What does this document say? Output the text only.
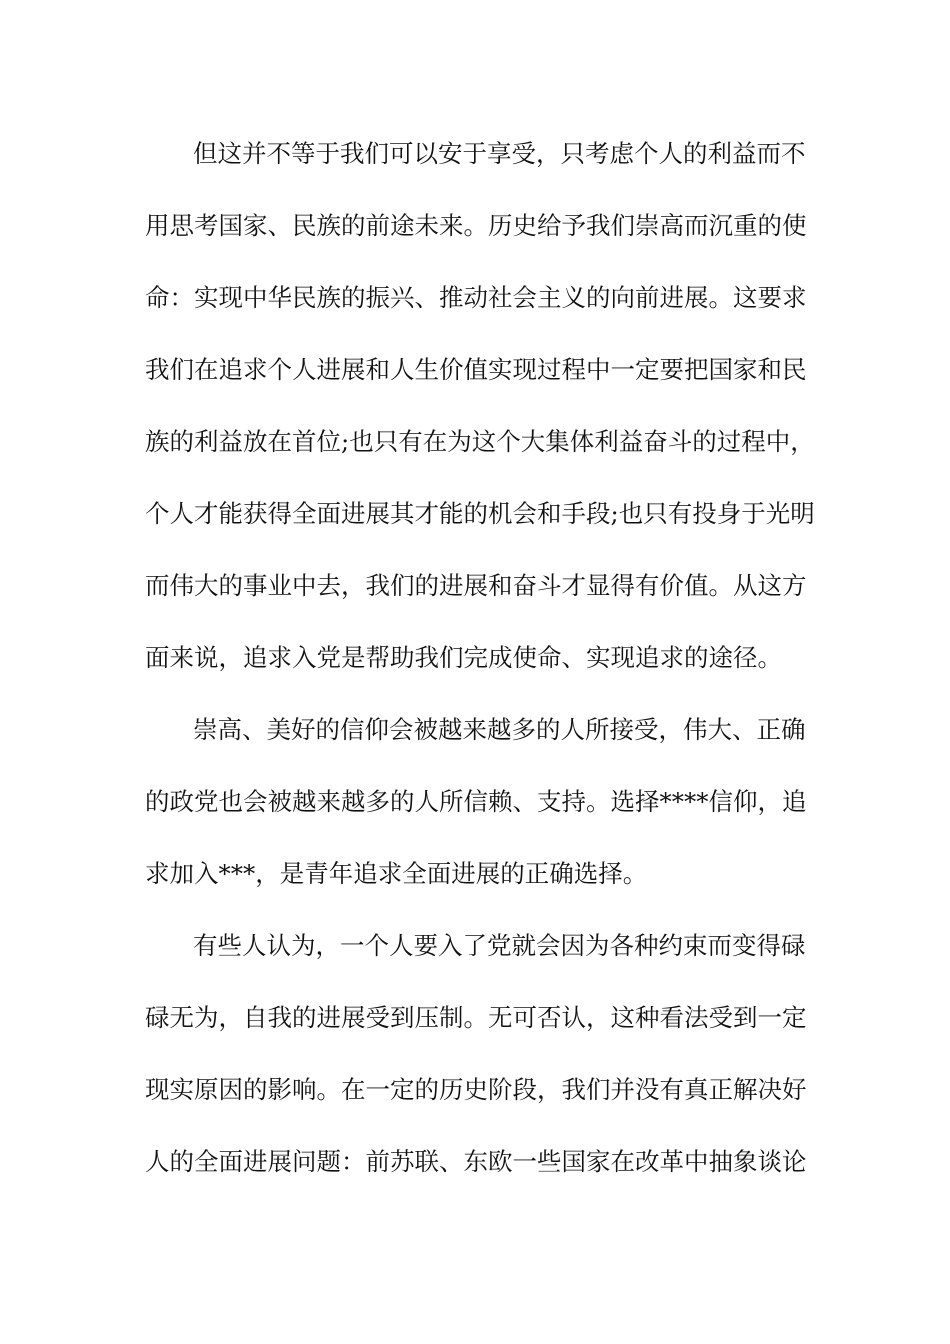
但这并不等于我们可以安于享受，只考虑个人的利益而不
用思考国家、民族的前途未来。历史给予我们崇高而沉重的使
命：实现中华民族的振兴、推动社会主义的向前进展。这要求
我们在追求个人进展和人生价值实现过程中一定要把国家和民
族的利益放在首位;也只有在为这个大集体利益奋斗的过程中，
个人才能获得全面进展其才能的机会和手段;也只有投身于光明
而伟大的事业中去，我们的进展和奋斗才显得有价值。从这方
面来说，追求入党是帮助我们完成使命、实现追求的途径。
崇高、美好的信仰会被越来越多的人所接受，伟大、正确
的政党也会被越来越多的人所信赖、支持。选择****信仰，追
求加入***，是青年追求全面进展的正确选择。
有些人认为，一个人要入了党就会因为各种约束而变得碌
碌无为，自我的进展受到压制。无可否认，这种看法受到一定
现实原因的影响。在一定的历史阶段，我们并没有真正解决好
人的全面进展问题：前苏联、东欧一些国家在改革中抽象谈论
